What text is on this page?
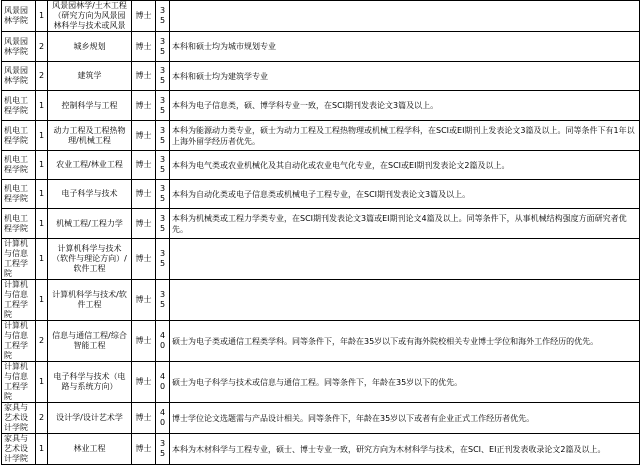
风景园林学院	1	风景园林学/土木工程（研究方向为风景园林科学与技术或风景	博士	35	
风景园林学院	2	城乡规划	博士	35	本科和硕士均为城市规划专业
风景园林学院	2	建筑学	博士	35	本科和硕士均为建筑学专业
机电工程学院	1	控制科学与工程	博士	35	本科为电子信息类，硕、博学科专业一致，在SCI期刊发表论文3篇及以上。
机电工程学院	1	动力工程及工程热物理/机械工程	博士	35	本科为能源动力类专业，硕士为动力工程及工程热物理或机械工程学科，在SCI或EI期刊上发表论文3篇及以上。同等条件下有1年以上海外留学经历者优先。
机电工程学院	1	农业工程/林业工程	博士	35	本科为电气类或农业机械化及其自动化或农业电气化专业，在SCI或EI期刊发表论文2篇及以上。
机电工程学院	1	电子科学与技术	博士	35	本科为自动化类或电子信息类或机械电子工程专业，在SCI期刊发表论文3篇及以上。
机电工程学院	1	机械工程/工程力学	博士	35	本科为机械类或工程力学类专业，在SCI期刊发表论文3篇或EI期刊论文4篇及以上。同等条件下，从事机械结构强度方面研究者优先。
计算机与信息工程学院	1	计算机科学与技术（软件与理论方向）/软件工程	博士	35	
计算机与信息工程学院	1	计算机科学与技术/软件工程	博士	35	
计算机与信息工程学院	2	信息与通信工程/综合智能工程	博士	40	硕士为电子类或通信工程类学科。同等条件下，年龄在35岁以下或有海外院校相关专业博士学位和海外工作经历的优先。
计算机与信息工程学院	1	电子科学与技术（电路与系统方向）	博士	40	硕士为电子科学与技术或信息与通信工程。同等条件下，年龄在35岁以下的优先。
家具与艺术设计学院	2	设计学/设计艺术学	博士	40	博士学位论文选题需与产品设计相关。同等条件下，年龄在35岁以下或者有企业正式工作经历者优先。
家具与艺术设计学院	1	林业工程	博士	35	本科为木材科学与工程专业，硕士、博士专业一致，研究方向为木材科学与技术，在SCI、EI正刊发表收录论文2篇及以上。
